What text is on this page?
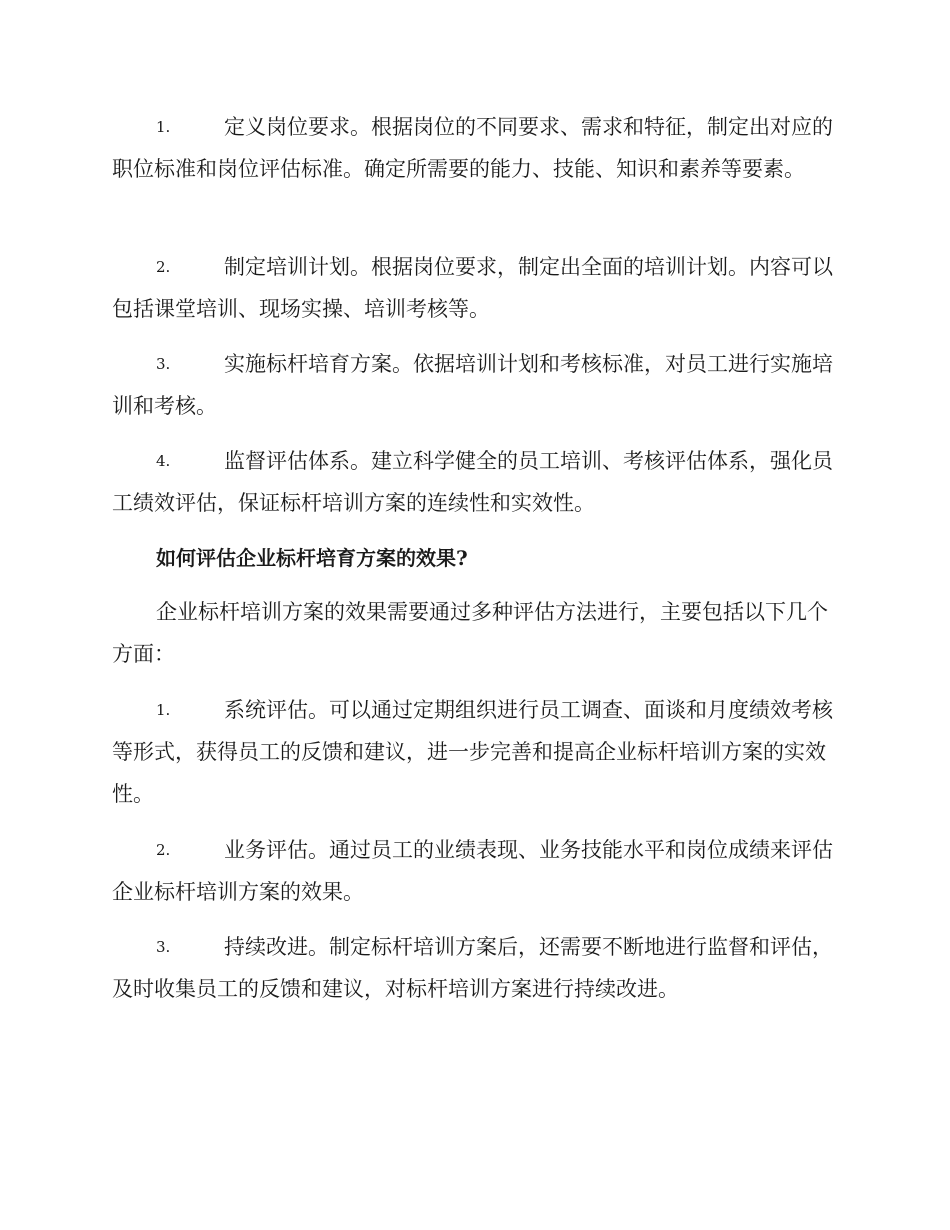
1.	定义岗位要求。根据岗位的不同要求、需求和特征，制定出对应的职位标准和岗位评估标准。确定所需要的能力、技能、知识和素养等要素。

2.	制定培训计划。根据岗位要求，制定出全面的培训计划。内容可以包括课堂培训、现场实操、培训考核等。

3.	实施标杆培育方案。依据培训计划和考核标准，对员工进行实施培训和考核。

4.	监督评估体系。建立科学健全的员工培训、考核评估体系，强化员工绩效评估，保证标杆培训方案的连续性和实效性。

如何评估企业标杆培育方案的效果?

企业标杆培训方案的效果需要通过多种评估方法进行，主要包括以下几个方面：

1.	系统评估。可以通过定期组织进行员工调查、面谈和月度绩效考核等形式，获得员工的反馈和建议，进一步完善和提高企业标杆培训方案的实效性。

2.	业务评估。通过员工的业绩表现、业务技能水平和岗位成绩来评估企业标杆培训方案的效果。

3.	持续改进。制定标杆培训方案后，还需要不断地进行监督和评估，及时收集员工的反馈和建议，对标杆培训方案进行持续改进。
